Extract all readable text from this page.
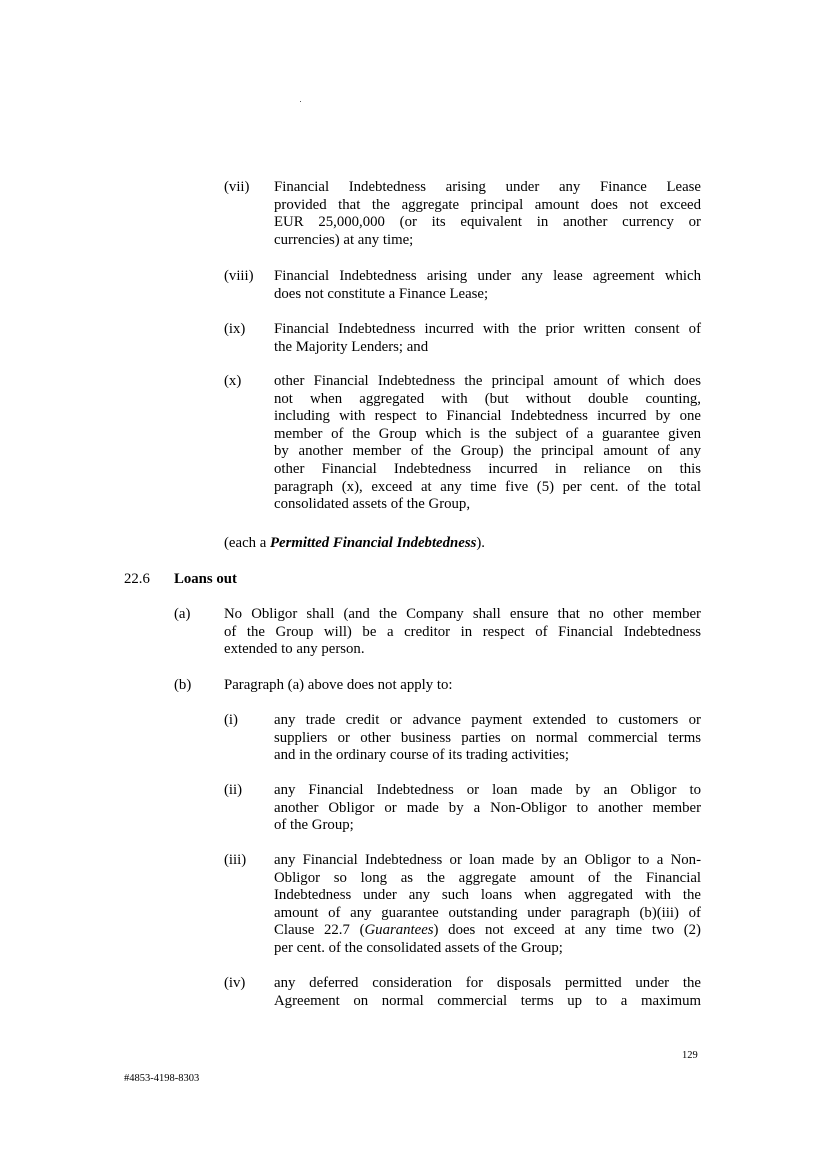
(vii) Financial Indebtedness arising under any Finance Lease
provided that the aggregate principal amount does not exceed
EUR 25,000,000 (or its equivalent in another currency or
currencies) at any time;
(viii) Financial Indebtedness arising under any lease agreement which
does not constitute a Finance Lease;
(ix) Financial Indebtedness incurred with the prior written consent of
the Majority Lenders; and
(x) other Financial Indebtedness the principal amount of which does
not when aggregated with (but without double counting,
including with respect to Financial Indebtedness incurred by one
member of the Group which is the subject of a guarantee given
by another member of the Group) the principal amount of any
other Financial Indebtedness incurred in reliance on this
paragraph (x), exceed at any time five (5) per cent. of the total
consolidated assets of the Group,
(each a Permitted Financial Indebtedness).
22.6 Loans out
(a) No Obligor shall (and the Company shall ensure that no other member
of the Group will) be a creditor in respect of Financial Indebtedness
extended to any person.
(b) Paragraph (a) above does not apply to:
(i) any trade credit or advance payment extended to customers or
suppliers or other business parties on normal commercial terms
and in the ordinary course of its trading activities;
(ii) any Financial Indebtedness or loan made by an Obligor to
another Obligor or made by a Non-Obligor to another member
of the Group;
(iii) any Financial Indebtedness or loan made by an Obligor to a Non-
Obligor so long as the aggregate amount of the Financial
Indebtedness under any such loans when aggregated with the
amount of any guarantee outstanding under paragraph (b)(iii) of
Clause 22.7 (Guarantees) does not exceed at any time two (2)
per cent. of the consolidated assets of the Group;
(iv) any deferred consideration for disposals permitted under the
Agreement on normal commercial terms up to a maximum
129
#4853-4198-8303
